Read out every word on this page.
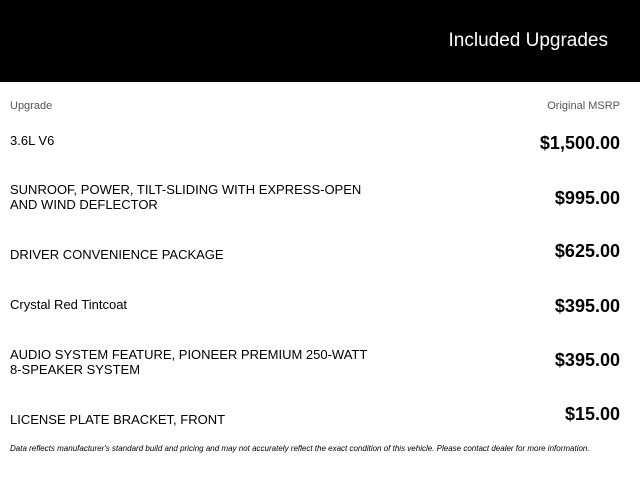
Included Upgrades
Upgrade	Original MSRP
3.6L V6	$1,500.00
SUNROOF, POWER, TILT-SLIDING WITH EXPRESS-OPEN AND WIND DEFLECTOR	$995.00
DRIVER CONVENIENCE PACKAGE	$625.00
Crystal Red Tintcoat	$395.00
AUDIO SYSTEM FEATURE, PIONEER PREMIUM 250-WATT 8-SPEAKER SYSTEM	$395.00
LICENSE PLATE BRACKET, FRONT	$15.00
Data reflects manufacturer's standard build and pricing and may not accurately reflect the exact condition of this vehicle. Please contact dealer for more information.
